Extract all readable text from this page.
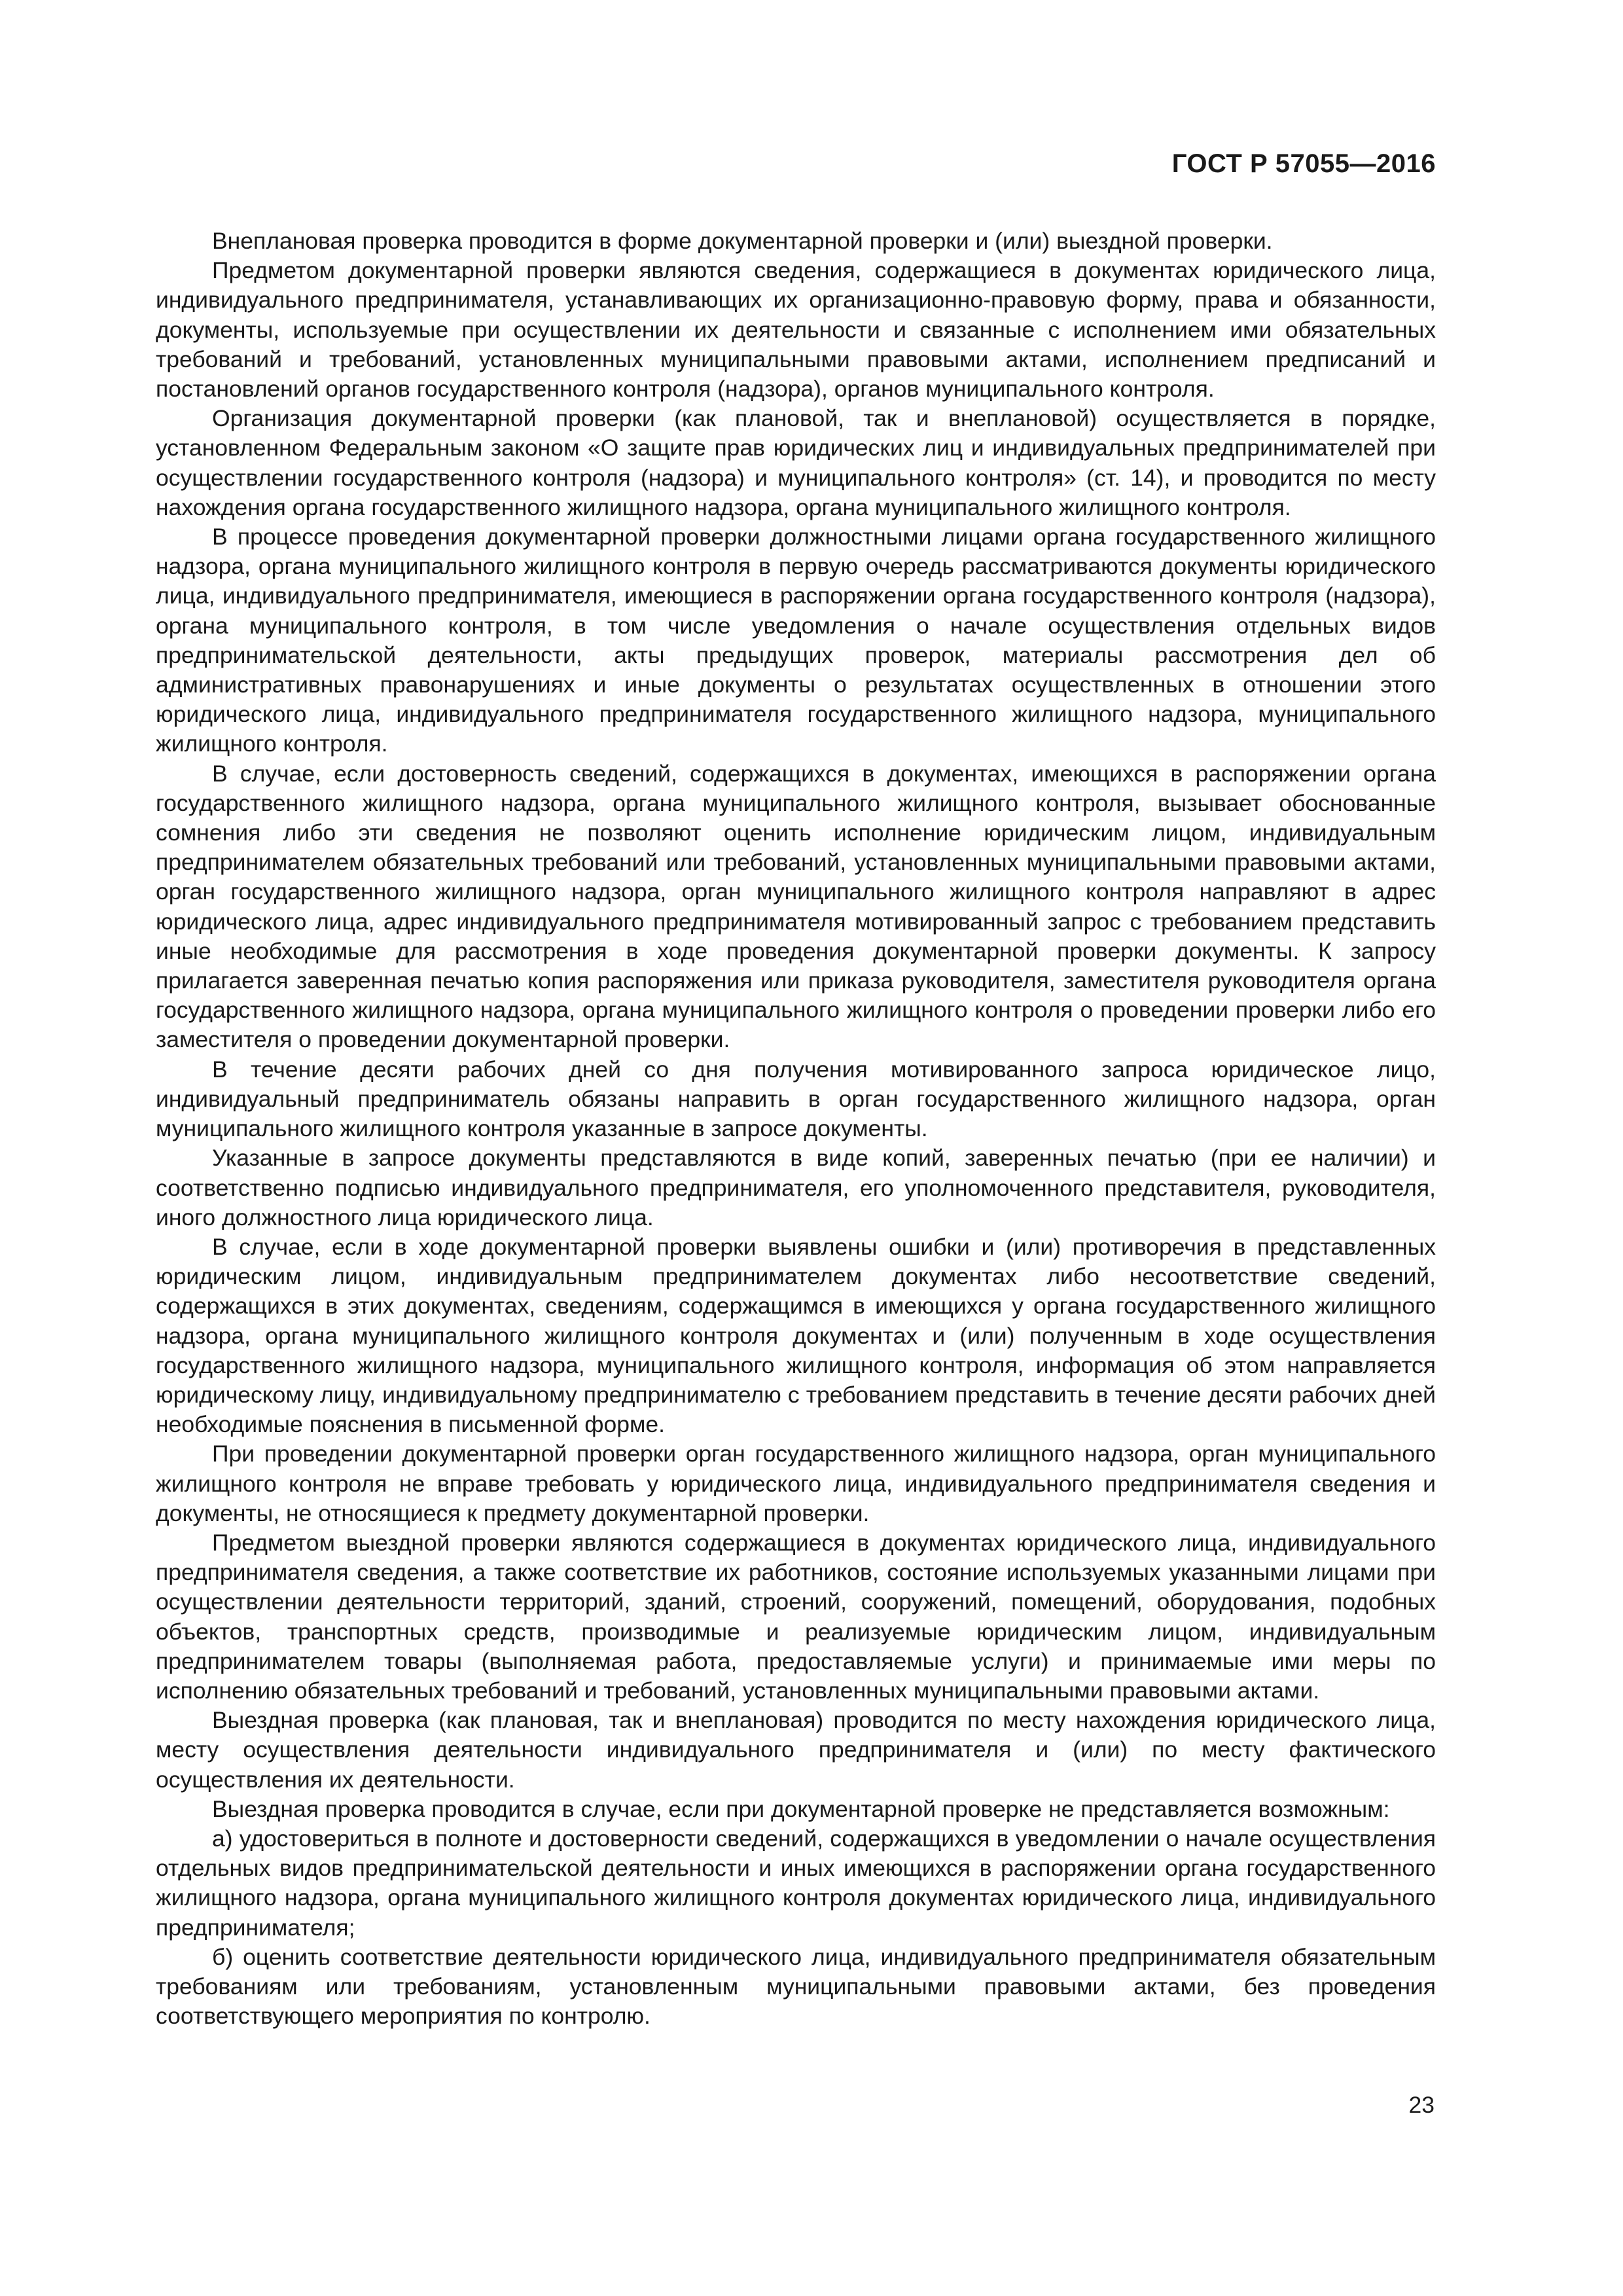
ГОСТ Р 57055—2016

Внеплановая проверка проводится в форме документарной проверки и (или) выездной проверки.

Предметом документарной проверки являются сведения, содержащиеся в документах юридического лица, индивидуального предпринимателя, устанавливающих их организационно-правовую форму, права и обязанности, документы, используемые при осуществлении их деятельности и связанные с исполнением ими обязательных требований и требований, установленных муниципальными правовыми актами, исполнением предписаний и постановлений органов государственного контроля (надзора), органов муниципального контроля.

Организация документарной проверки (как плановой, так и внеплановой) осуществляется в порядке, установленном Федеральным законом «О защите прав юридических лиц и индивидуальных предпринимателей при осуществлении государственного контроля (надзора) и муниципального контроля» (ст. 14), и проводится по месту нахождения органа государственного жилищного надзора, органа муниципального жилищного контроля.

В процессе проведения документарной проверки должностными лицами органа государственного жилищного надзора, органа муниципального жилищного контроля в первую очередь рассматриваются документы юридического лица, индивидуального предпринимателя, имеющиеся в распоряжении органа государственного контроля (надзора), органа муниципального контроля, в том числе уведомления о начале осуществления отдельных видов предпринимательской деятельности, акты предыдущих проверок, материалы рассмотрения дел об административных правонарушениях и иные документы о результатах осуществленных в отношении этого юридического лица, индивидуального предпринимателя государственного жилищного надзора, муниципального жилищного контроля.

В случае, если достоверность сведений, содержащихся в документах, имеющихся в распоряжении органа государственного жилищного надзора, органа муниципального жилищного контроля, вызывает обоснованные сомнения либо эти сведения не позволяют оценить исполнение юридическим лицом, индивидуальным предпринимателем обязательных требований или требований, установленных муниципальными правовыми актами, орган государственного жилищного надзора, орган муниципального жилищного контроля направляют в адрес юридического лица, адрес индивидуального предпринимателя мотивированный запрос с требованием представить иные необходимые для рассмотрения в ходе проведения документарной проверки документы. К запросу прилагается заверенная печатью копия распоряжения или приказа руководителя, заместителя руководителя органа государственного жилищного надзора, органа муниципального жилищного контроля о проведении проверки либо его заместителя о проведении документарной проверки.

В течение десяти рабочих дней со дня получения мотивированного запроса юридическое лицо, индивидуальный предприниматель обязаны направить в орган государственного жилищного надзора, орган муниципального жилищного контроля указанные в запросе документы.

Указанные в запросе документы представляются в виде копий, заверенных печатью (при ее наличии) и соответственно подписью индивидуального предпринимателя, его уполномоченного представителя, руководителя, иного должностного лица юридического лица.

В случае, если в ходе документарной проверки выявлены ошибки и (или) противоречия в представленных юридическим лицом, индивидуальным предпринимателем документах либо несоответствие сведений, содержащихся в этих документах, сведениям, содержащимся в имеющихся у органа государственного жилищного надзора, органа муниципального жилищного контроля документах и (или) полученным в ходе осуществления государственного жилищного надзора, муниципального жилищного контроля, информация об этом направляется юридическому лицу, индивидуальному предпринимателю с требованием представить в течение десяти рабочих дней необходимые пояснения в письменной форме.

При проведении документарной проверки орган государственного жилищного надзора, орган муниципального жилищного контроля не вправе требовать у юридического лица, индивидуального предпринимателя сведения и документы, не относящиеся к предмету документарной проверки.

Предметом выездной проверки являются содержащиеся в документах юридического лица, индивидуального предпринимателя сведения, а также соответствие их работников, состояние используемых указанными лицами при осуществлении деятельности территорий, зданий, строений, сооружений, помещений, оборудования, подобных объектов, транспортных средств, производимые и реализуемые юридическим лицом, индивидуальным предпринимателем товары (выполняемая работа, предоставляемые услуги) и принимаемые ими меры по исполнению обязательных требований и требований, установленных муниципальными правовыми актами.

Выездная проверка (как плановая, так и внеплановая) проводится по месту нахождения юридического лица, месту осуществления деятельности индивидуального предпринимателя и (или) по месту фактического осуществления их деятельности.

Выездная проверка проводится в случае, если при документарной проверке не представляется возможным:

а) удостовериться в полноте и достоверности сведений, содержащихся в уведомлении о начале осуществления отдельных видов предпринимательской деятельности и иных имеющихся в распоряжении органа государственного жилищного надзора, органа муниципального жилищного контроля документах юридического лица, индивидуального предпринимателя;

б) оценить соответствие деятельности юридического лица, индивидуального предпринимателя обязательным требованиям или требованиям, установленным муниципальными правовыми актами, без проведения соответствующего мероприятия по контролю.

23
